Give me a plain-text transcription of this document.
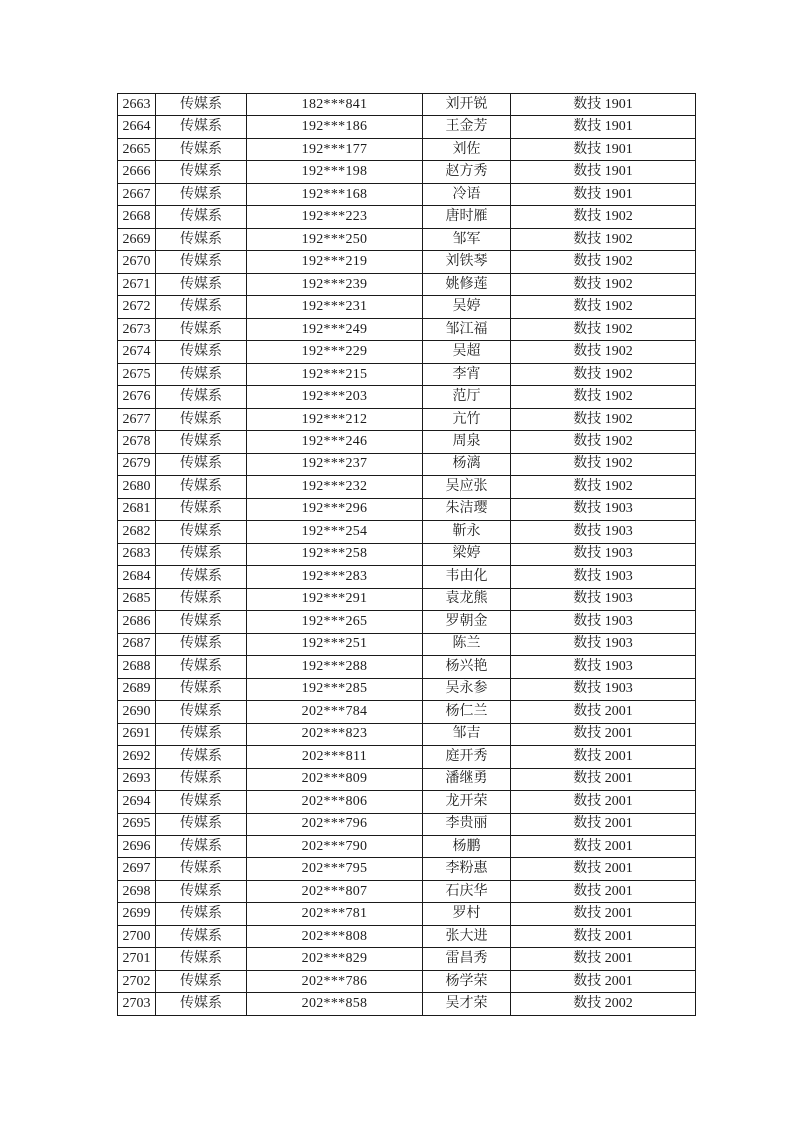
2663	传媒系	182***841	刘开锐	数技 1901
2664	传媒系	192***186	王金芳	数技 1901
2665	传媒系	192***177	刘佐	数技 1901
2666	传媒系	192***198	赵方秀	数技 1901
2667	传媒系	192***168	冷语	数技 1901
2668	传媒系	192***223	唐时雁	数技 1902
2669	传媒系	192***250	邹军	数技 1902
2670	传媒系	192***219	刘铁琴	数技 1902
2671	传媒系	192***239	姚修莲	数技 1902
2672	传媒系	192***231	吴婷	数技 1902
2673	传媒系	192***249	邹江福	数技 1902
2674	传媒系	192***229	吴超	数技 1902
2675	传媒系	192***215	李宵	数技 1902
2676	传媒系	192***203	范厅	数技 1902
2677	传媒系	192***212	亢竹	数技 1902
2678	传媒系	192***246	周泉	数技 1902
2679	传媒系	192***237	杨漓	数技 1902
2680	传媒系	192***232	吴应张	数技 1902
2681	传媒系	192***296	朱洁璎	数技 1903
2682	传媒系	192***254	靳永	数技 1903
2683	传媒系	192***258	梁婷	数技 1903
2684	传媒系	192***283	韦由化	数技 1903
2685	传媒系	192***291	袁龙熊	数技 1903
2686	传媒系	192***265	罗朝金	数技 1903
2687	传媒系	192***251	陈兰	数技 1903
2688	传媒系	192***288	杨兴艳	数技 1903
2689	传媒系	192***285	吴永参	数技 1903
2690	传媒系	202***784	杨仁兰	数技 2001
2691	传媒系	202***823	邹吉	数技 2001
2692	传媒系	202***811	庭开秀	数技 2001
2693	传媒系	202***809	潘继勇	数技 2001
2694	传媒系	202***806	龙开荣	数技 2001
2695	传媒系	202***796	李贵丽	数技 2001
2696	传媒系	202***790	杨鹏	数技 2001
2697	传媒系	202***795	李粉惠	数技 2001
2698	传媒系	202***807	石庆华	数技 2001
2699	传媒系	202***781	罗村	数技 2001
2700	传媒系	202***808	张大进	数技 2001
2701	传媒系	202***829	雷昌秀	数技 2001
2702	传媒系	202***786	杨学荣	数技 2001
2703	传媒系	202***858	吴才荣	数技 2002
